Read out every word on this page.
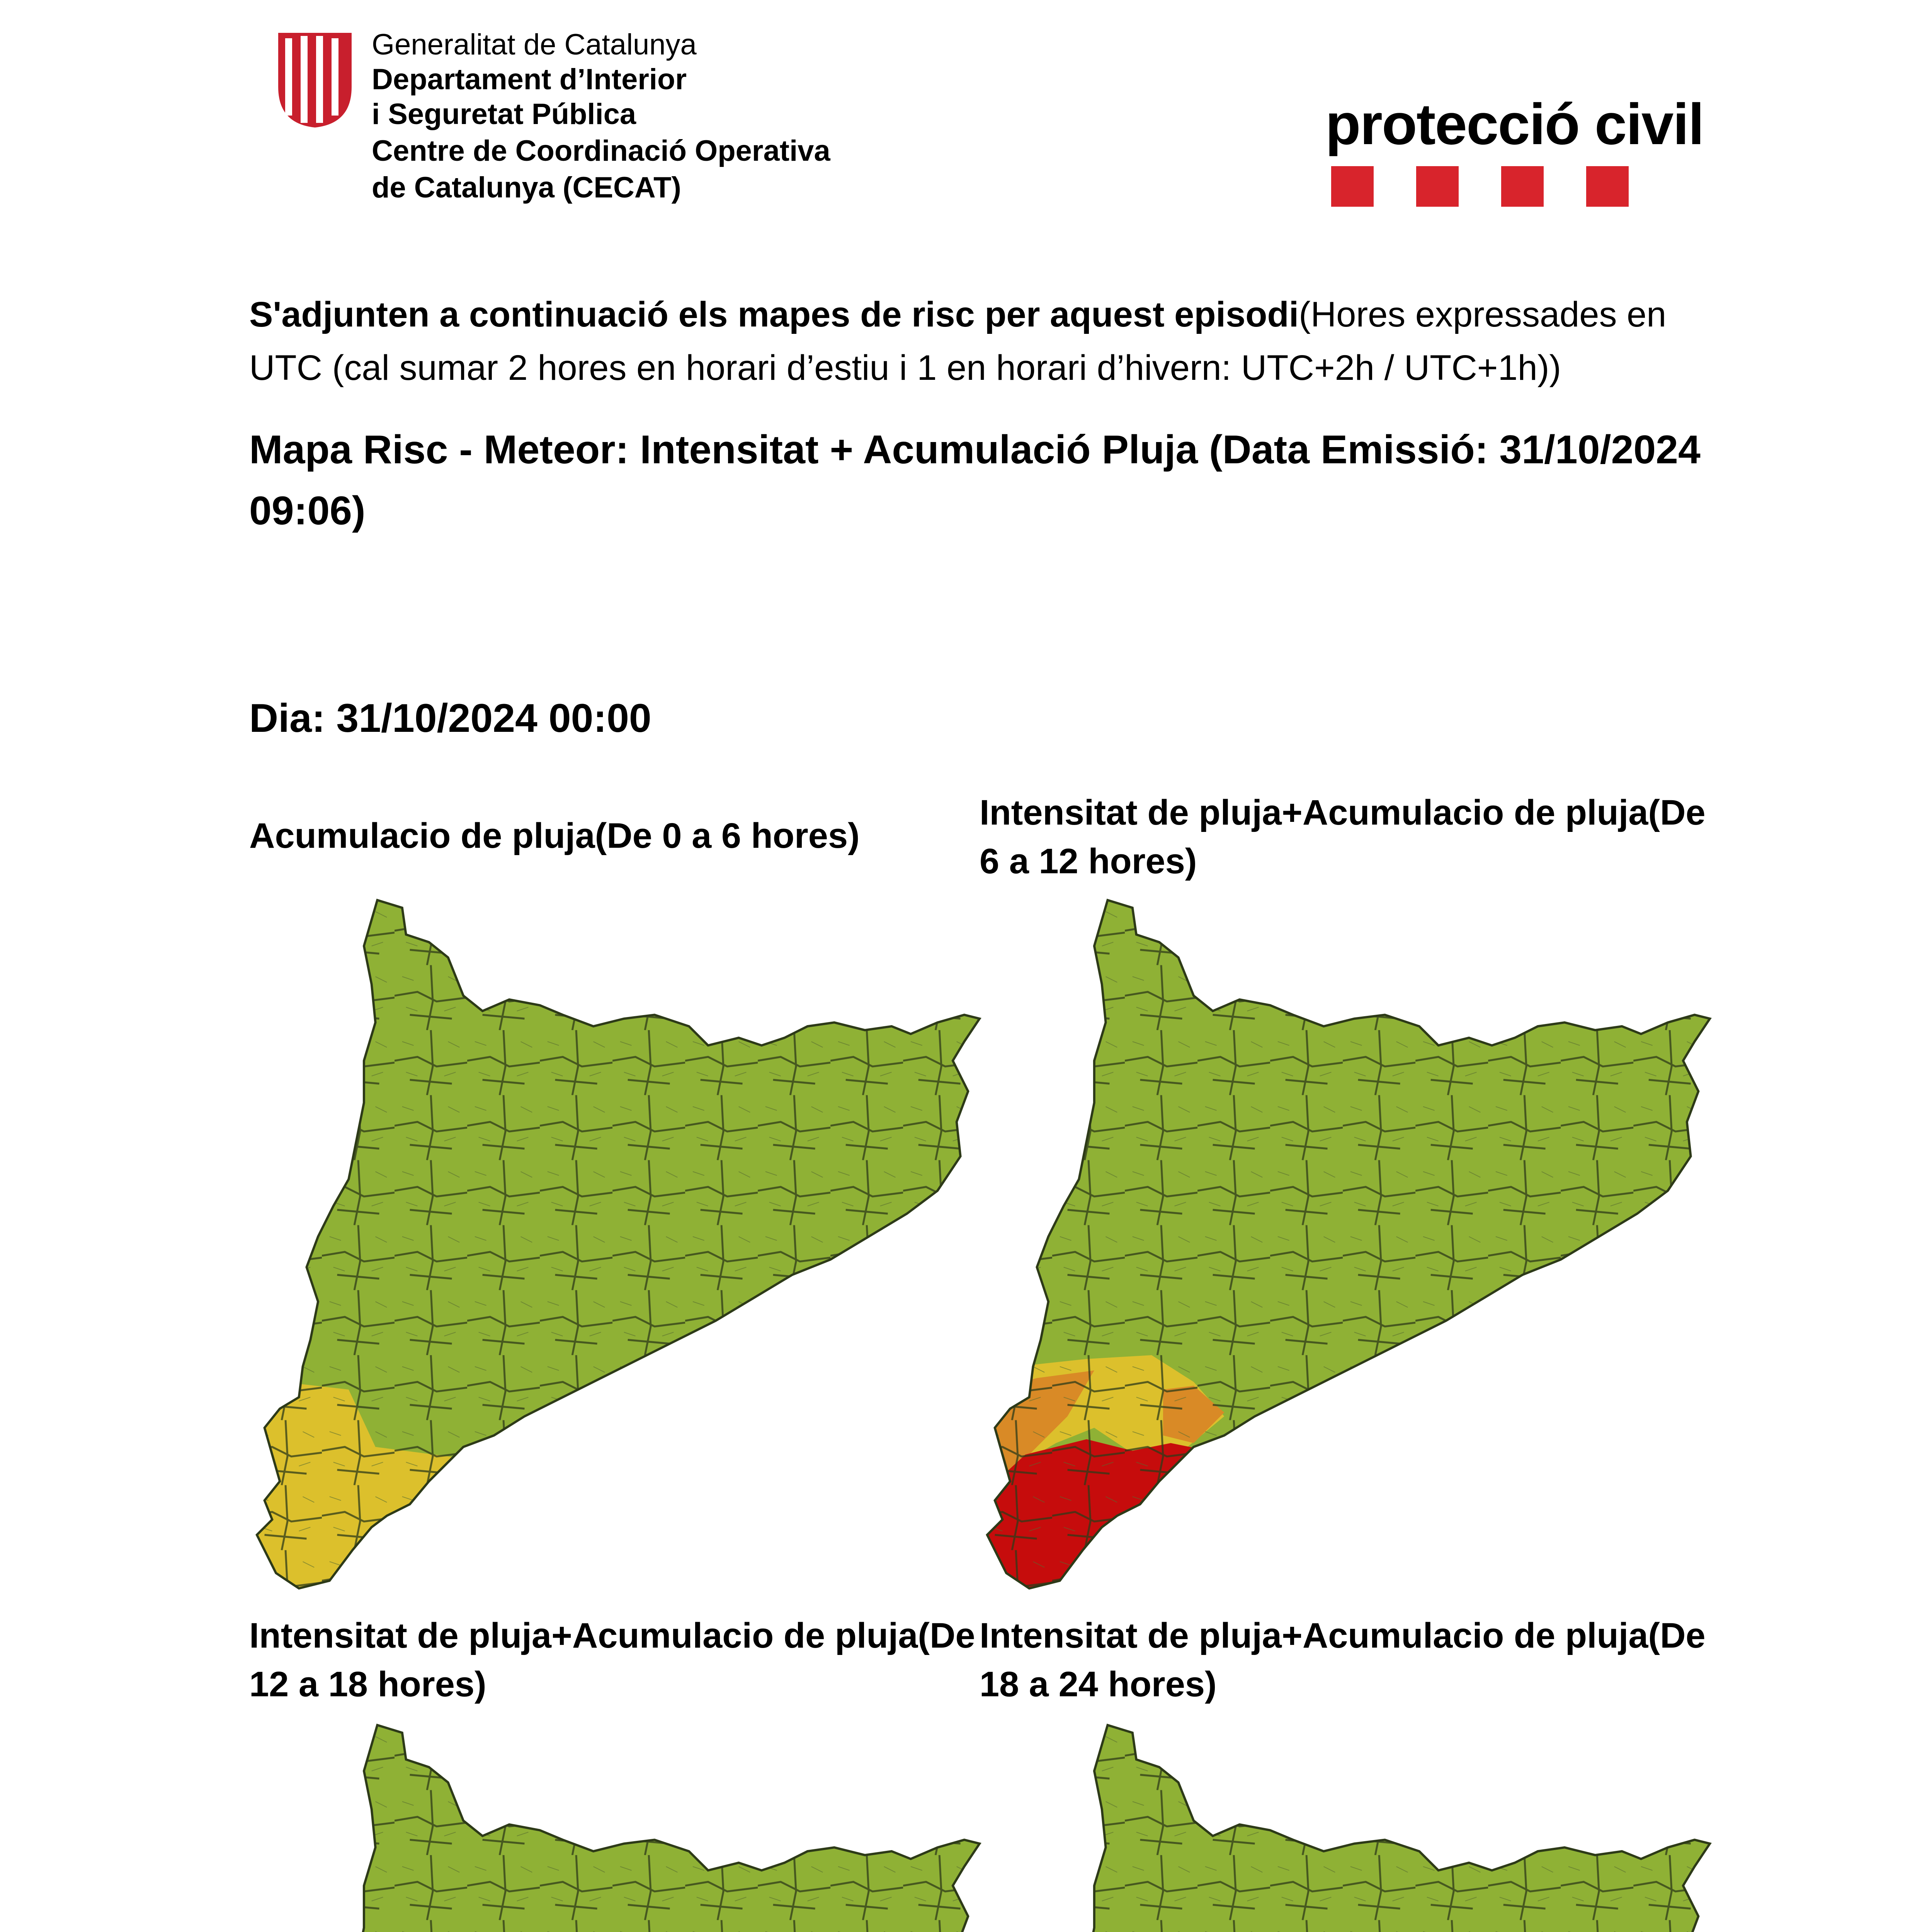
Generalitat de Catalunya
Departament d’Interior
i Seguretat Pública
Centre de Coordinació Operativa
de Catalunya (CECAT)
protecció civil
S'adjunten a continuació els mapes de risc per aquest episodi(Hores expressades en UTC (cal sumar 2 hores en horari d’estiu i 1 en horari d’hivern: UTC+2h / UTC+1h))
Mapa Risc - Meteor: Intensitat + Acumulació Pluja (Data Emissió: 31/10/2024 09:06)
Dia: 31/10/2024 00:00
Acumulacio de pluja(De 0 a 6 hores)
Intensitat de pluja+Acumulacio de pluja(De 6 a 12 hores)
Intensitat de pluja+Acumulacio de pluja(De 12 a 18 hores)
Intensitat de pluja+Acumulacio de pluja(De 18 a 24 hores)
